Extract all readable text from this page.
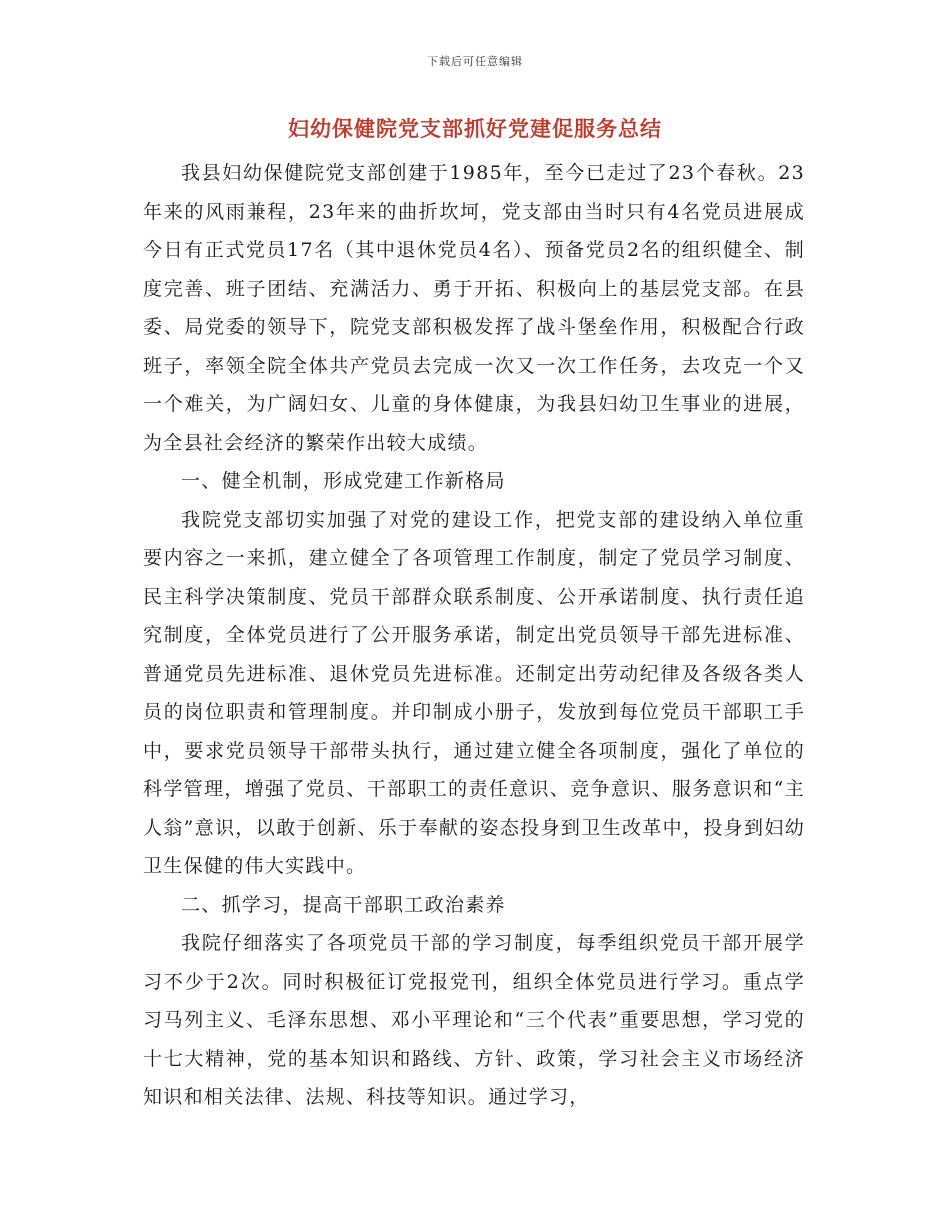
下载后可任意编辑
妇幼保健院党支部抓好党建促服务总结

我县妇幼保健院党支部创建于1985年，至今已走过了23个春秋。23年来的风雨兼程，23年来的曲折坎坷，党支部由当时只有4名党员进展成今日有正式党员17名（其中退休党员4名）、预备党员2名的组织健全、制度完善、班子团结、充满活力、勇于开拓、积极向上的基层党支部。在县委、局党委的领导下，院党支部积极发挥了战斗堡垒作用，积极配合行政班子，率领全院全体共产党员去完成一次又一次工作任务，去攻克一个又一个难关，为广阔妇女、儿童的身体健康，为我县妇幼卫生事业的进展，为全县社会经济的繁荣作出较大成绩。

一、健全机制，形成党建工作新格局

我院党支部切实加强了对党的建设工作，把党支部的建设纳入单位重要内容之一来抓，建立健全了各项管理工作制度，制定了党员学习制度、民主科学决策制度、党员干部群众联系制度、公开承诺制度、执行责任追究制度，全体党员进行了公开服务承诺，制定出党员领导干部先进标准、普通党员先进标准、退休党员先进标准。还制定出劳动纪律及各级各类人员的岗位职责和管理制度。并印制成小册子，发放到每位党员干部职工手中，要求党员领导干部带头执行，通过建立健全各项制度，强化了单位的科学管理，增强了党员、干部职工的责任意识、竞争意识、服务意识和“主人翁”意识，以敢于创新、乐于奉献的姿态投身到卫生改革中，投身到妇幼卫生保健的伟大实践中。

二、抓学习，提高干部职工政治素养

我院仔细落实了各项党员干部的学习制度，每季组织党员干部开展学习不少于2次。同时积极征订党报党刊，组织全体党员进行学习。重点学习马列主义、毛泽东思想、邓小平理论和“三个代表”重要思想，学习党的十七大精神，党的基本知识和路线、方针、政策，学习社会主义市场经济知识和相关法律、法规、科技等知识。通过学习，
